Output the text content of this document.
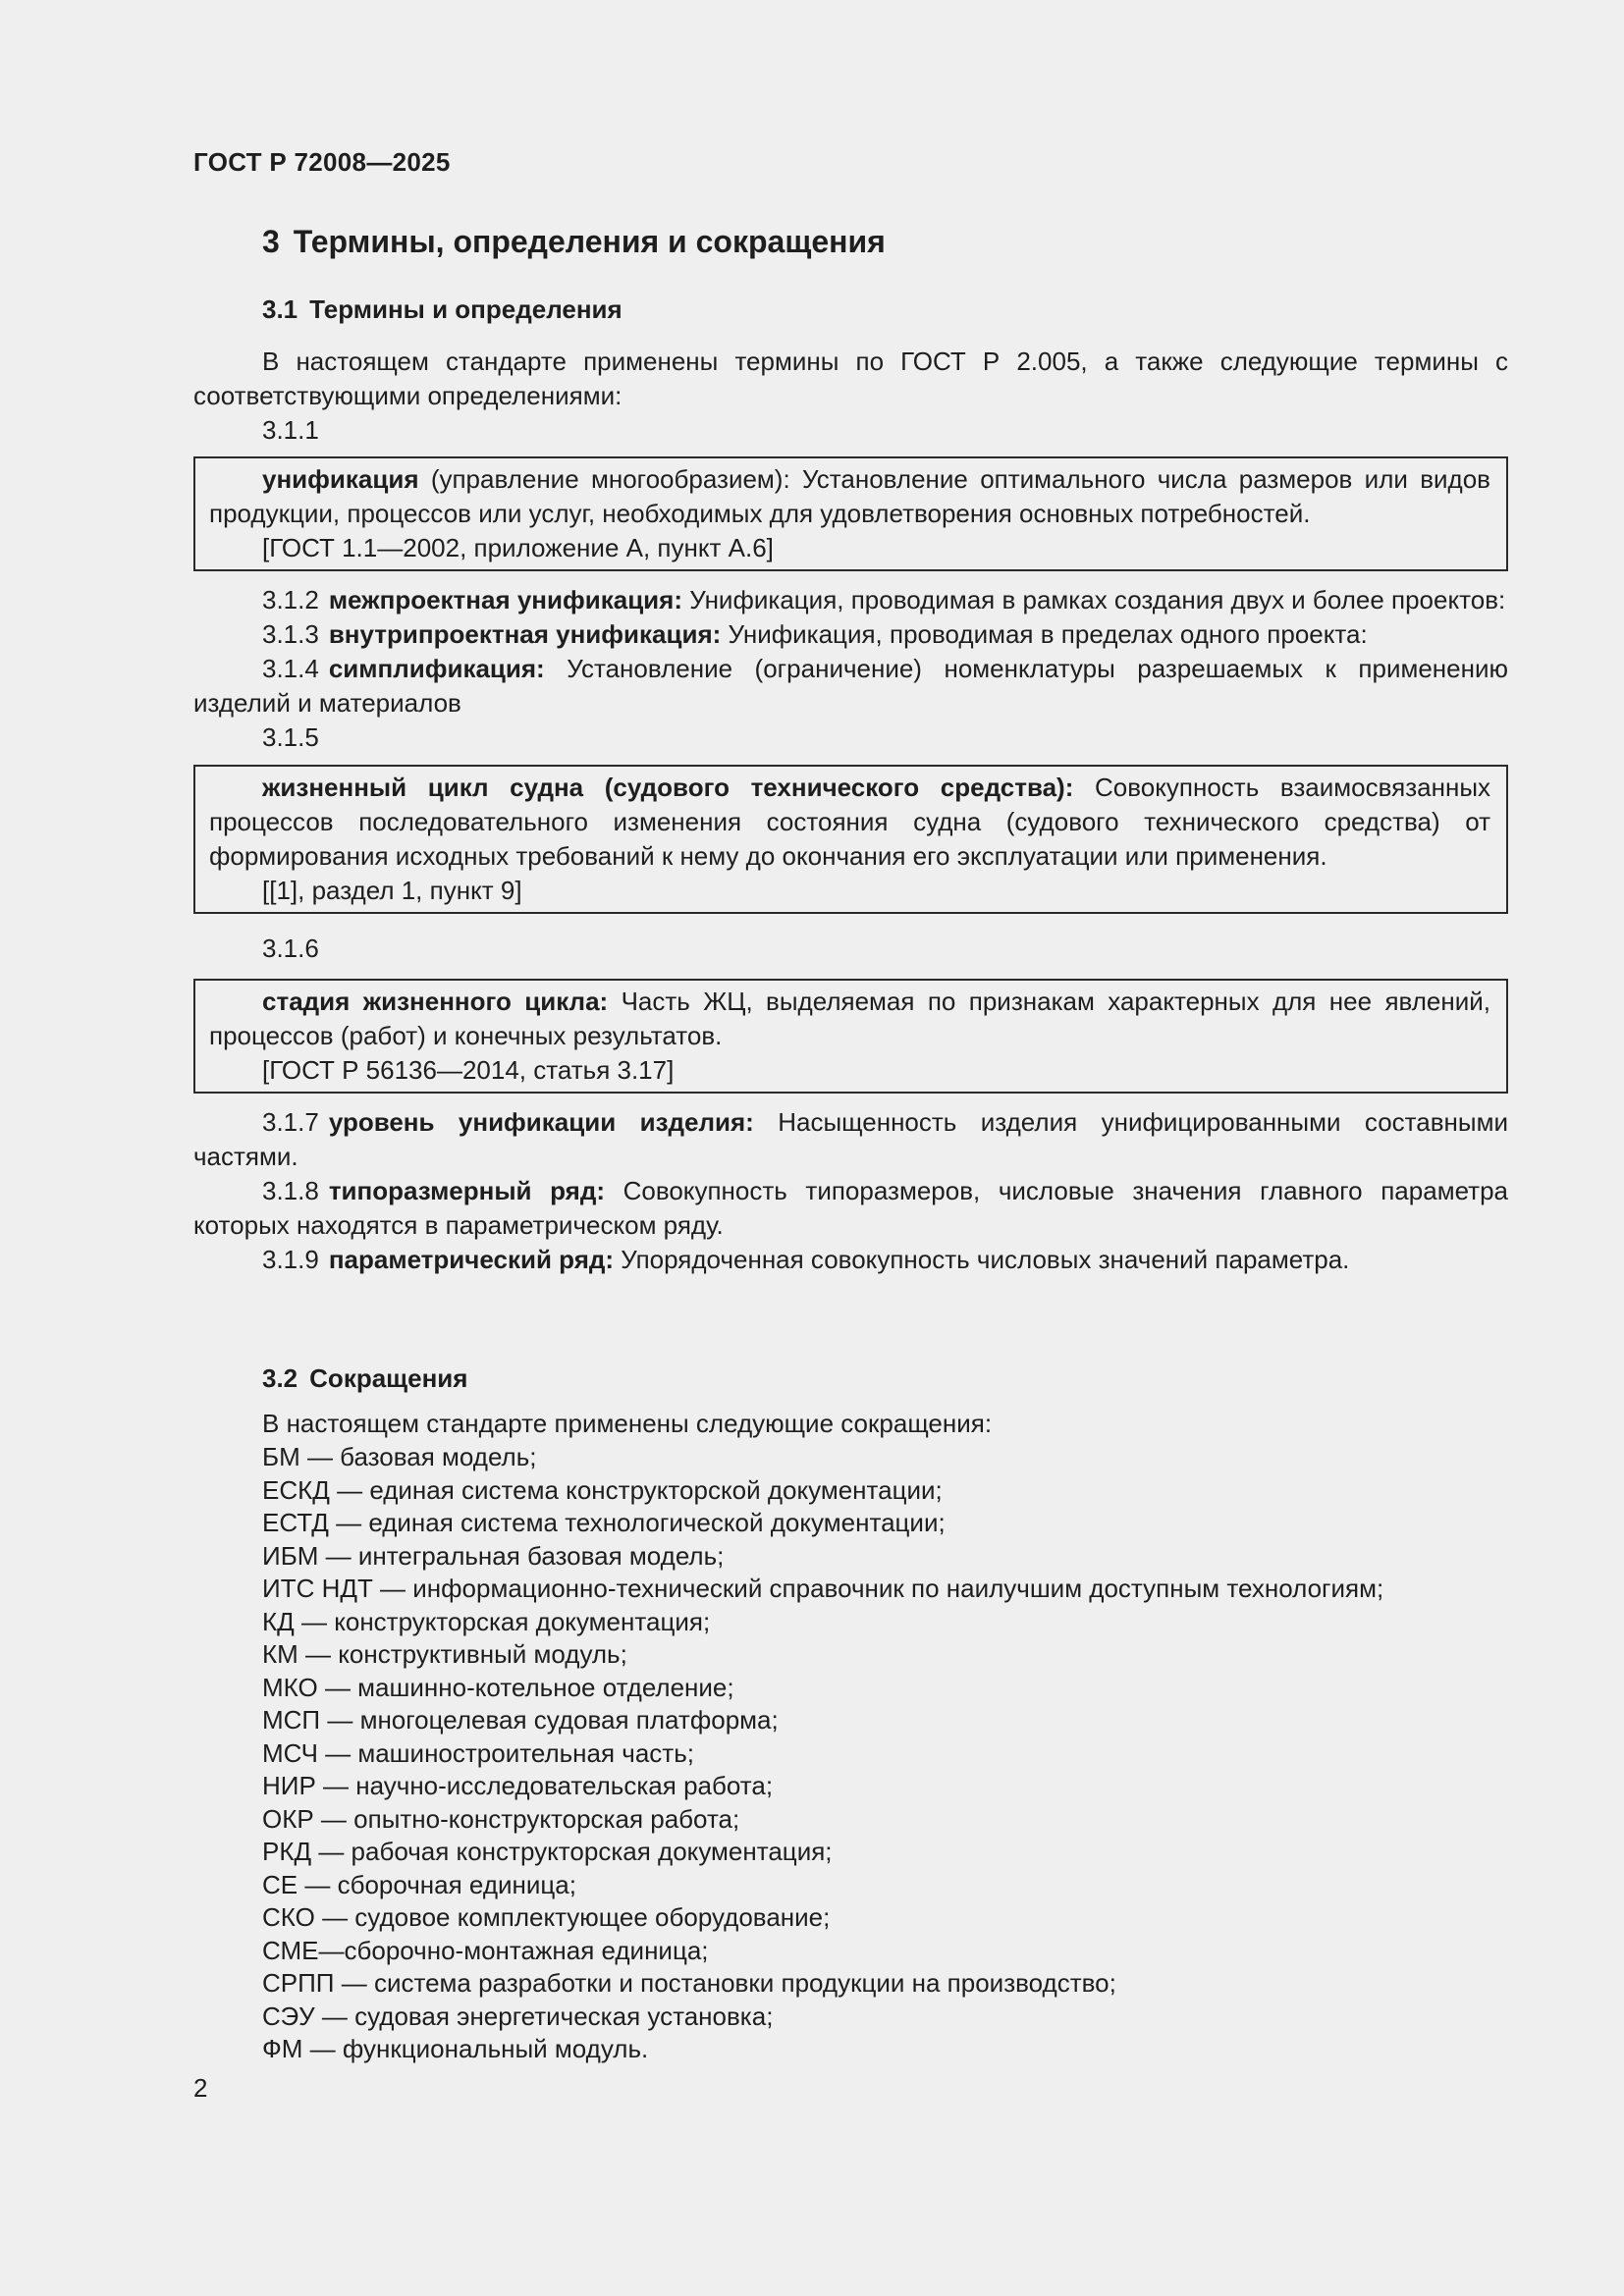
ГОСТ Р 72008—2025
3 Термины, определения и сокращения
3.1 Термины и определения

В настоящем стандарте применены термины по ГОСТ Р 2.005, а также следующие термины с соответствующими определениями:

3.1.1

унификация (управление многообразием): Установление оптимального числа размеров или видов продукции, процессов или услуг, необходимых для удовлетворения основных потребностей.

[ГОСТ 1.1—2002, приложение А, пункт А.6]

3.1.2 межпроектная унификация: Унификация, проводимая в рамках создания двух и более проектов:

3.1.3 внутрипроектная унификация: Унификация, проводимая в пределах одного проекта:

3.1.4 симплификация: Установление (ограничение) номенклатуры разрешаемых к применению изделий и материалов

3.1.5

жизненный цикл судна (судового технического средства): Совокупность взаимосвязанных процессов последовательного изменения состояния судна (судового технического средства) от формирования исходных требований к нему до окончания его эксплуатации или применения.

[[1], раздел 1, пункт 9]

3.1.6

стадия жизненного цикла: Часть ЖЦ, выделяемая по признакам характерных для нее явлений, процессов (работ) и конечных результатов.

[ГОСТ Р 56136—2014, статья 3.17]

3.1.7 уровень унификации изделия: Насыщенность изделия унифицированными составными частями.

3.1.8 типоразмерный ряд: Совокупность типоразмеров, числовые значения главного параметра которых находятся в параметрическом ряду.

3.1.9 параметрический ряд: Упорядоченная совокупность числовых значений параметра.

3.2 Сокращения

В настоящем стандарте применены следующие сокращения:

БМ — базовая модель;
ЕСКД — единая система конструкторской документации;
ЕСТД — единая система технологической документации;
ИБМ — интегральная базовая модель;
ИТС НДТ — информационно-технический справочник по наилучшим доступным технологиям;
КД — конструкторская документация;
КМ — конструктивный модуль;
МКО — машинно-котельное отделение;
МСП — многоцелевая судовая платформа;
МСЧ — машиностроительная часть;
НИР — научно-исследовательская работа;
ОКР — опытно-конструкторская работа;
РКД — рабочая конструкторская документация;
СЕ — сборочная единица;
СКО — судовое комплектующее оборудование;
СМЕ—сборочно-монтажная единица;
СРПП — система разработки и постановки продукции на производство;
СЭУ — судовая энергетическая установка;
ФМ — функциональный модуль.
2
